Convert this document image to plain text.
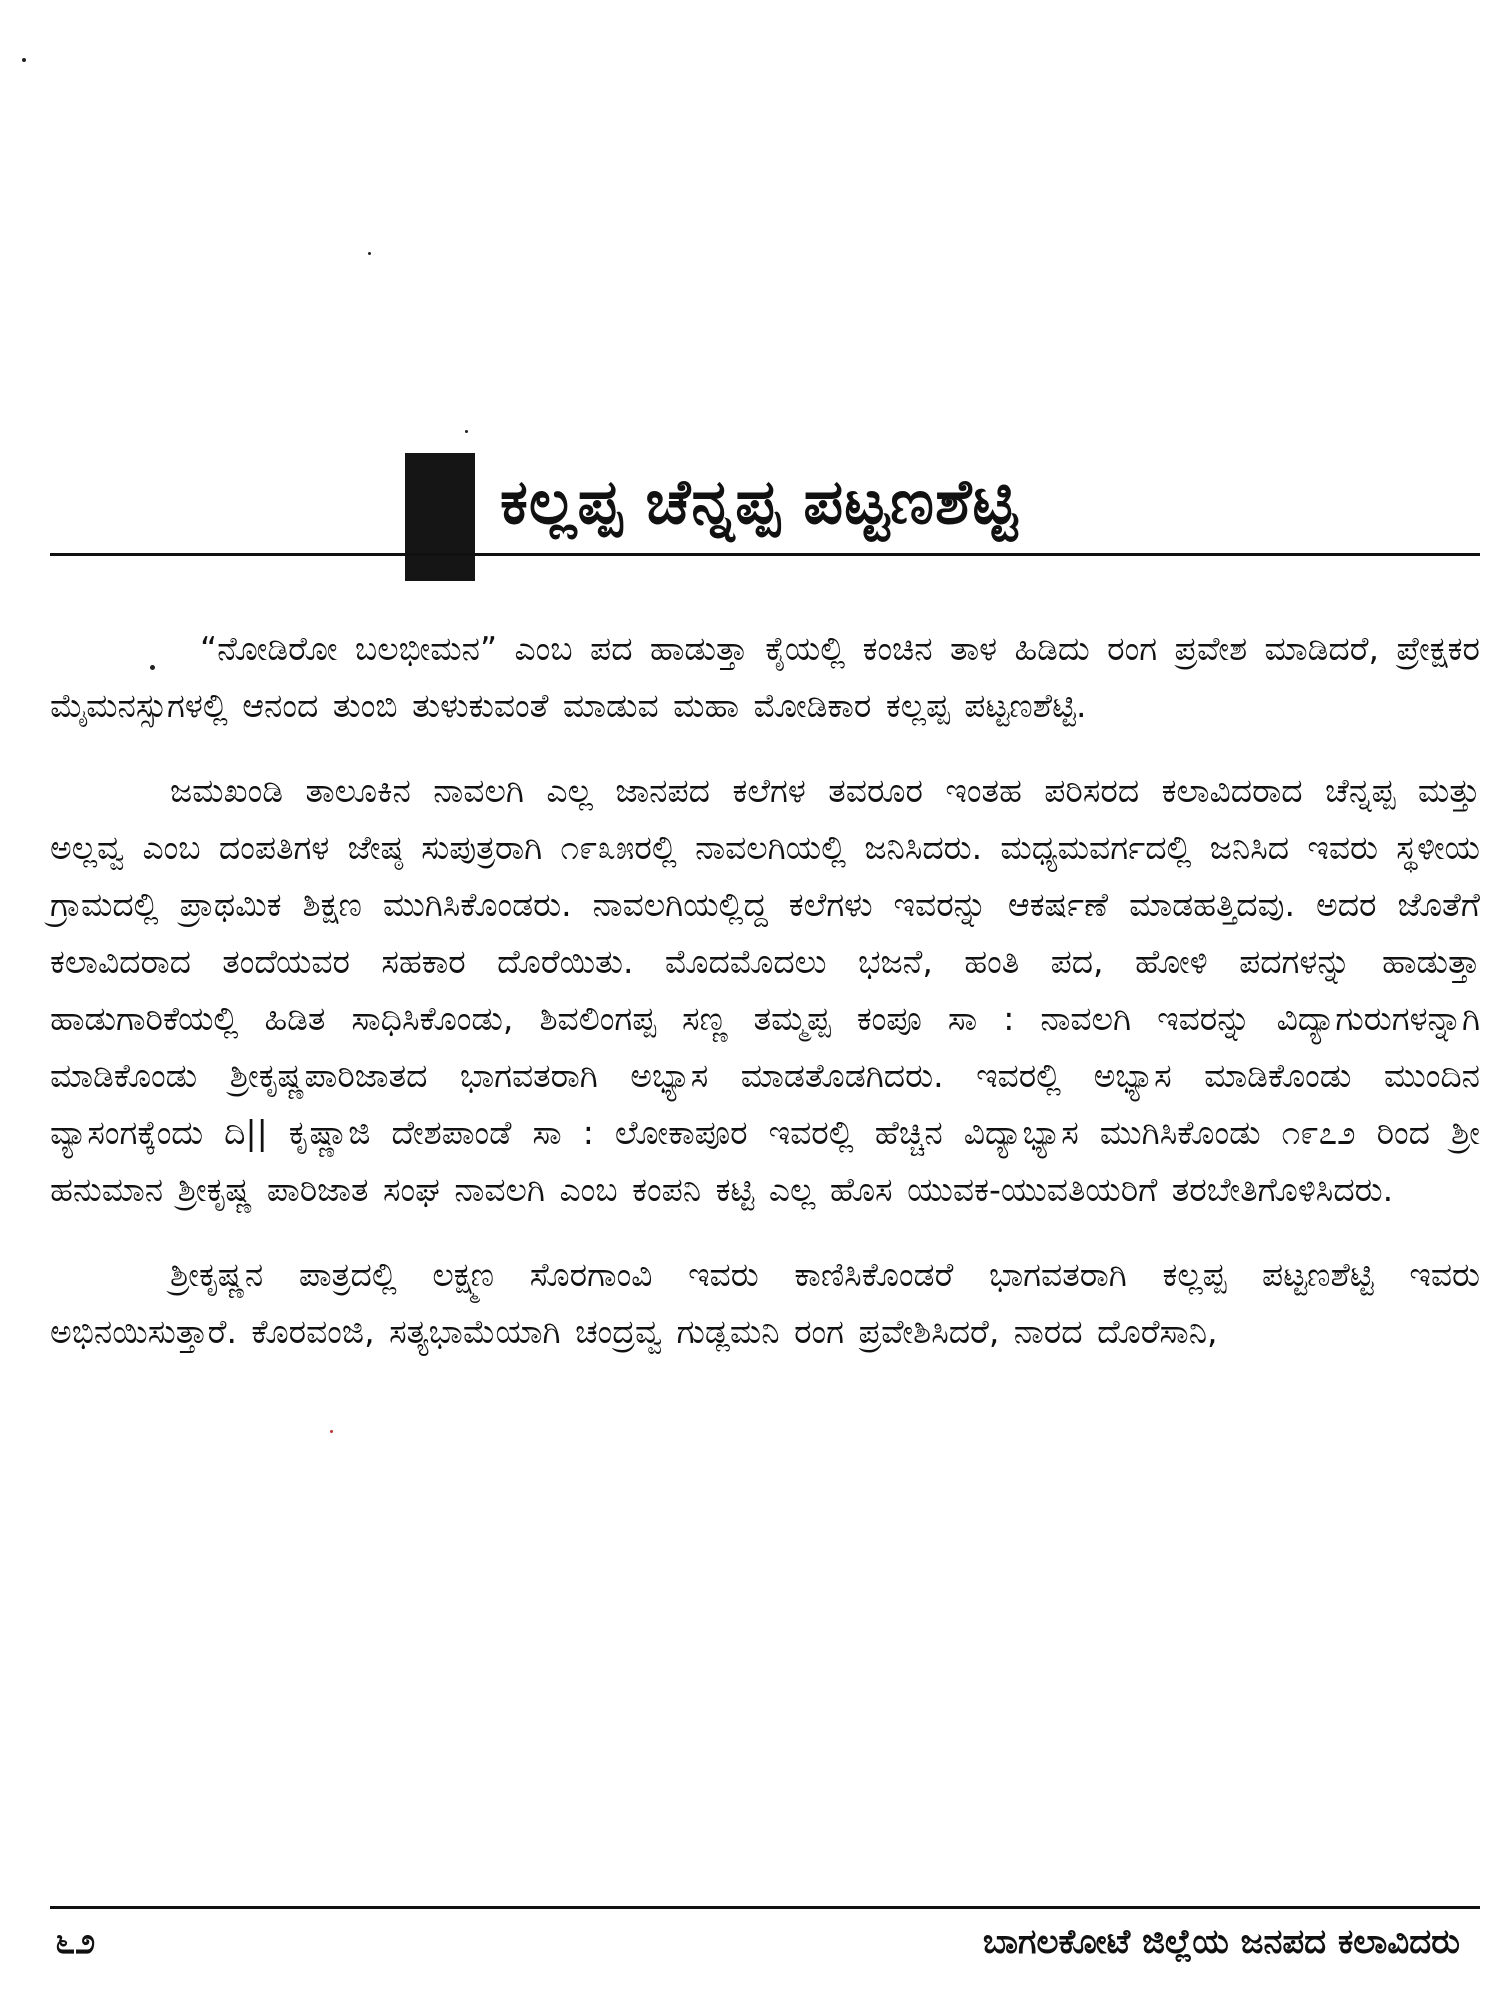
ಕಲ್ಲಪ್ಪ ಚೆನ್ನಪ್ಪ ಪಟ್ಟಣಶೆಟ್ಟಿ

“ನೋಡಿರೋ ಬಲಭೀಮನ” ಎಂಬ ಪದ ಹಾಡುತ್ತಾ ಕೈಯಲ್ಲಿ ಕಂಚಿನ ತಾಳ ಹಿಡಿದು ರಂಗ ಪ್ರವೇಶ ಮಾಡಿದರೆ, ಪ್ರೇಕ್ಷಕರ ಮೈಮನಸ್ಸುಗಳಲ್ಲಿ ಆನಂದ ತುಂಬಿ ತುಳುಕುವಂತೆ ಮಾಡುವ ಮಹಾ ಮೋಡಿಕಾರ ಕಲ್ಲಪ್ಪ ಪಟ್ಟಣಶೆಟ್ಟಿ.

ಜಮಖಂಡಿ ತಾಲೂಕಿನ ನಾವಲಗಿ ಎಲ್ಲ ಜಾನಪದ ಕಲೆಗಳ ತವರೂರ ಇಂತಹ ಪರಿಸರದ ಕಲಾವಿದರಾದ ಚೆನ್ನಪ್ಪ ಮತ್ತು ಅಲ್ಲವ್ವ ಎಂಬ ದಂಪತಿಗಳ ಜೇಷ್ಠ ಸುಪುತ್ರರಾಗಿ ೧೯೩೫ರಲ್ಲಿ ನಾವಲಗಿಯಲ್ಲಿ ಜನಿಸಿದರು. ಮಧ್ಯಮವರ್ಗದಲ್ಲಿ ಜನಿಸಿದ ಇವರು ಸ್ಥಳೀಯ ಗ್ರಾಮದಲ್ಲಿ ಪ್ರಾಥಮಿಕ ಶಿಕ್ಷಣ ಮುಗಿಸಿಕೊಂಡರು. ನಾವಲಗಿಯಲ್ಲಿದ್ದ ಕಲೆಗಳು ಇವರನ್ನು ಆಕರ್ಷಣೆ ಮಾಡಹತ್ತಿದವು. ಅದರ ಜೊತೆಗೆ ಕಲಾವಿದರಾದ ತಂದೆಯವರ ಸಹಕಾರ ದೊರೆಯಿತು. ಮೊದಮೊದಲು ಭಜನೆ, ಹಂತಿ ಪದ, ಹೋಳಿ ಪದಗಳನ್ನು ಹಾಡುತ್ತಾ ಹಾಡುಗಾರಿಕೆಯಲ್ಲಿ ಹಿಡಿತ ಸಾಧಿಸಿಕೊಂಡು, ಶಿವಲಿಂಗಪ್ಪ ಸಣ್ಣ ತಮ್ಮಪ್ಪ ಕಂಪೂ ಸಾ : ನಾವಲಗಿ ಇವರನ್ನು ವಿದ್ಯಾಗುರುಗಳನ್ನಾಗಿ ಮಾಡಿಕೊಂಡು ಶ್ರೀಕೃಷ್ಣಪಾರಿಜಾತದ ಭಾಗವತರಾಗಿ ಅಭ್ಯಾಸ ಮಾಡತೊಡಗಿದರು. ಇವರಲ್ಲಿ ಅಭ್ಯಾಸ ಮಾಡಿಕೊಂಡು ಮುಂದಿನ ವ್ಯಾಸಂಗಕ್ಕೆಂದು ದಿ|| ಕೃಷ್ಣಾಜಿ ದೇಶಪಾಂಡೆ ಸಾ : ಲೋಕಾಪೂರ ಇವರಲ್ಲಿ ಹೆಚ್ಚಿನ ವಿದ್ಯಾಭ್ಯಾಸ ಮುಗಿಸಿಕೊಂಡು ೧೯೭೨ ರಿಂದ ಶ್ರೀ ಹನುಮಾನ ಶ್ರೀಕೃಷ್ಣ ಪಾರಿಜಾತ ಸಂಘ ನಾವಲಗಿ ಎಂಬ ಕಂಪನಿ ಕಟ್ಟಿ ಎಲ್ಲ ಹೊಸ ಯುವಕ-ಯುವತಿಯರಿಗೆ ತರಬೇತಿಗೊಳಿಸಿದರು.

ಶ್ರೀಕೃಷ್ಣನ ಪಾತ್ರದಲ್ಲಿ ಲಕ್ಷ್ಮಣ ಸೊರಗಾಂವಿ ಇವರು ಕಾಣಿಸಿಕೊಂಡರೆ ಭಾಗವತರಾಗಿ ಕಲ್ಲಪ್ಪ ಪಟ್ಟಣಶೆಟ್ಟಿ ಇವರು ಅಭಿನಯಿಸುತ್ತಾರೆ. ಕೊರವಂಜಿ, ಸತ್ಯಭಾಮೆಯಾಗಿ ಚಂದ್ರವ್ವ ಗುಡ್ಲಮನಿ ರಂಗ ಪ್ರವೇಶಿಸಿದರೆ, ನಾರದ ದೊರೆಸಾನಿ,

೬೨	ಬಾಗಲಕೋಟೆ ಜಿಲ್ಲೆಯ ಜನಪದ ಕಲಾವಿದರು
